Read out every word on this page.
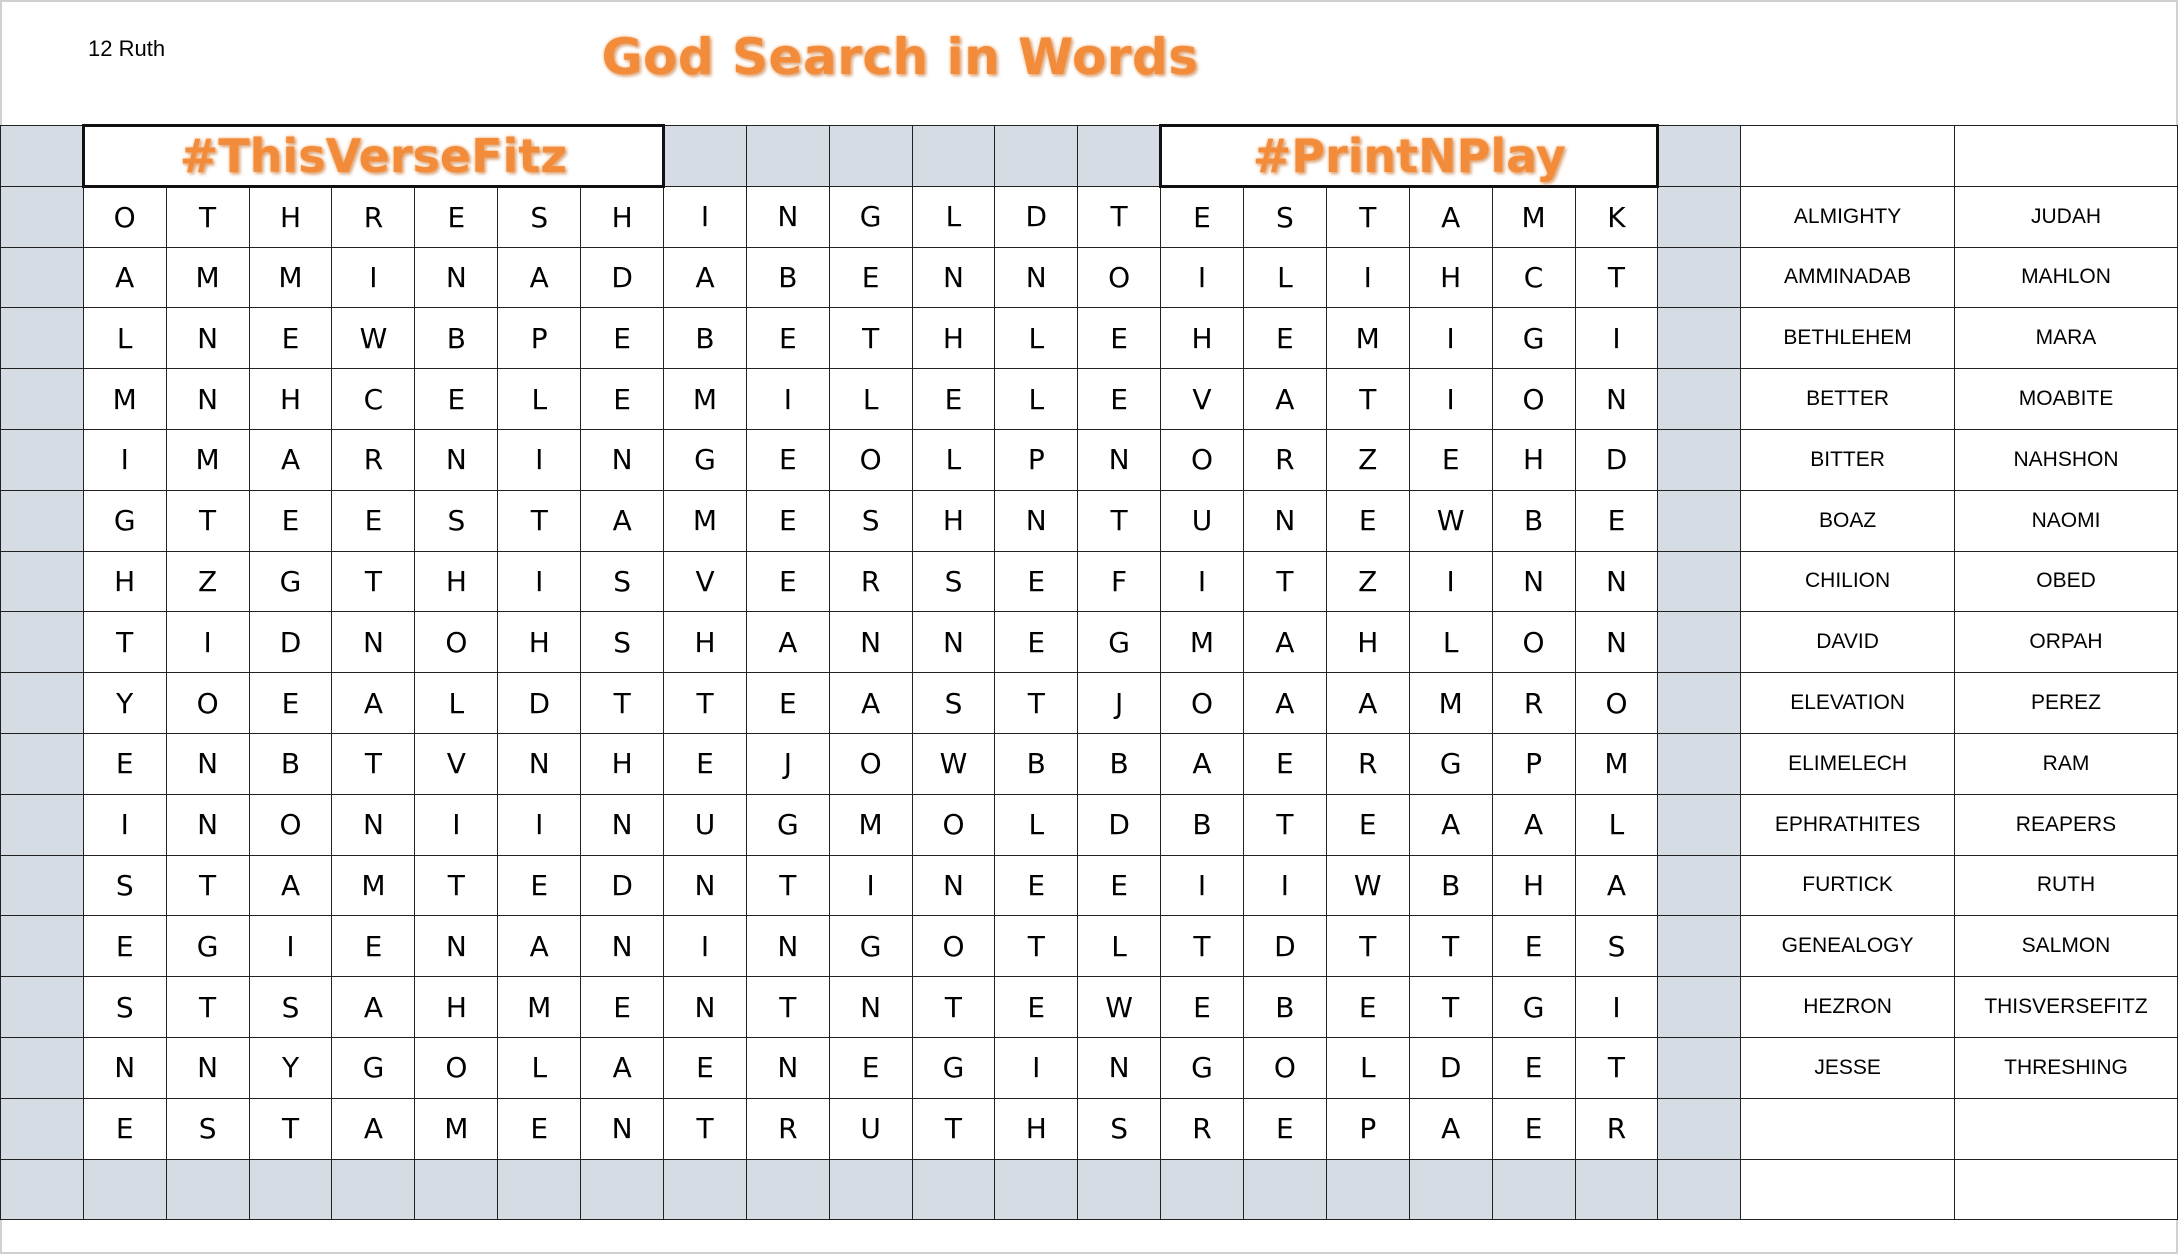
12 Ruth	God Search in Words
	#ThisVerseFitz													#PrintNPlay								
	O	T	H	R	E	S	H	I	N	G	L	D	T	E	S	T	A	M	K		ALMIGHTY	JUDAH
	A	M	M	I	N	A	D	A	B	E	N	N	O	I	L	I	H	C	T		AMMINADAB	MAHLON
	L	N	E	W	B	P	E	B	E	T	H	L	E	H	E	M	I	G	I		BETHLEHEM	MARA
	M	N	H	C	E	L	E	M	I	L	E	L	E	V	A	T	I	O	N		BETTER	MOABITE
	I	M	A	R	N	I	N	G	E	O	L	P	N	O	R	Z	E	H	D		BITTER	NAHSHON
	G	T	E	E	S	T	A	M	E	S	H	N	T	U	N	E	W	B	E		BOAZ	NAOMI
	H	Z	G	T	H	I	S	V	E	R	S	E	F	I	T	Z	I	N	N		CHILION	OBED
	T	I	D	N	O	H	S	H	A	N	N	E	G	M	A	H	L	O	N		DAVID	ORPAH
	Y	O	E	A	L	D	T	T	E	A	S	T	J	O	A	A	M	R	O		ELEVATION	PEREZ
	E	N	B	T	V	N	H	E	J	O	W	B	B	A	E	R	G	P	M		ELIMELECH	RAM
	I	N	O	N	I	I	N	U	G	M	O	L	D	B	T	E	A	A	L		EPHRATHITES	REAPERS
	S	T	A	M	T	E	D	N	T	I	N	E	E	I	I	W	B	H	A		FURTICK	RUTH
	E	G	I	E	N	A	N	I	N	G	O	T	L	T	D	T	T	E	S		GENEALOGY	SALMON
	S	T	S	A	H	M	E	N	T	N	T	E	W	E	B	E	T	G	I		HEZRON	THISVERSEFITZ
	N	N	Y	G	O	L	A	E	N	E	G	I	N	G	O	L	D	E	T		JESSE	THRESHING
	E	S	T	A	M	E	N	T	R	U	T	H	S	R	E	P	A	E	R			
